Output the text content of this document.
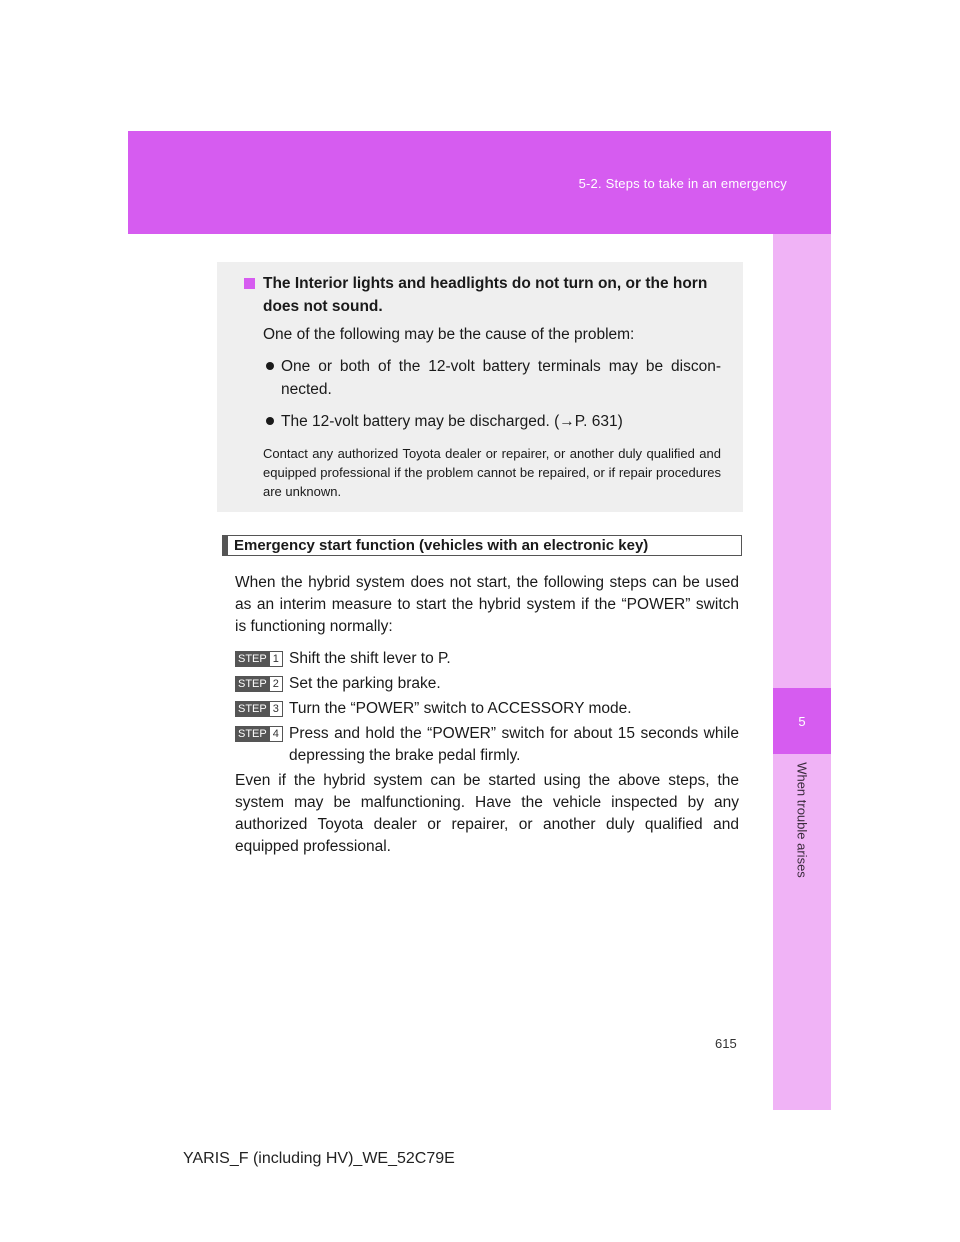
5-2. Steps to take in an emergency
5
When trouble arises

The Interior lights and headlights do not turn on, or the horn does not sound.

One of the following may be the cause of the problem:

One or both of the 12-volt battery terminals may be discon- nected.

The 12-volt battery may be discharged. (→P. 631)

Contact any authorized Toyota dealer or repairer, or another duly qualified and equipped professional if the problem cannot be repaired, or if repair procedures are unknown.

Emergency start function (vehicles with an electronic key)

When the hybrid system does not start, the following steps can be used as an interim measure to start the hybrid system if the “POWER” switch is functioning normally:

STEP 1 Shift the shift lever to P.
STEP 2 Set the parking brake.
STEP 3 Turn the “POWER” switch to ACCESSORY mode.
STEP 4 Press and hold the “POWER” switch for about 15 seconds while depressing the brake pedal firmly.

Even if the hybrid system can be started using the above steps, the system may be malfunctioning. Have the vehicle inspected by any authorized Toyota dealer or repairer, or another duly qualified and equipped professional.

615
YARIS_F (including HV)_WE_52C79E
